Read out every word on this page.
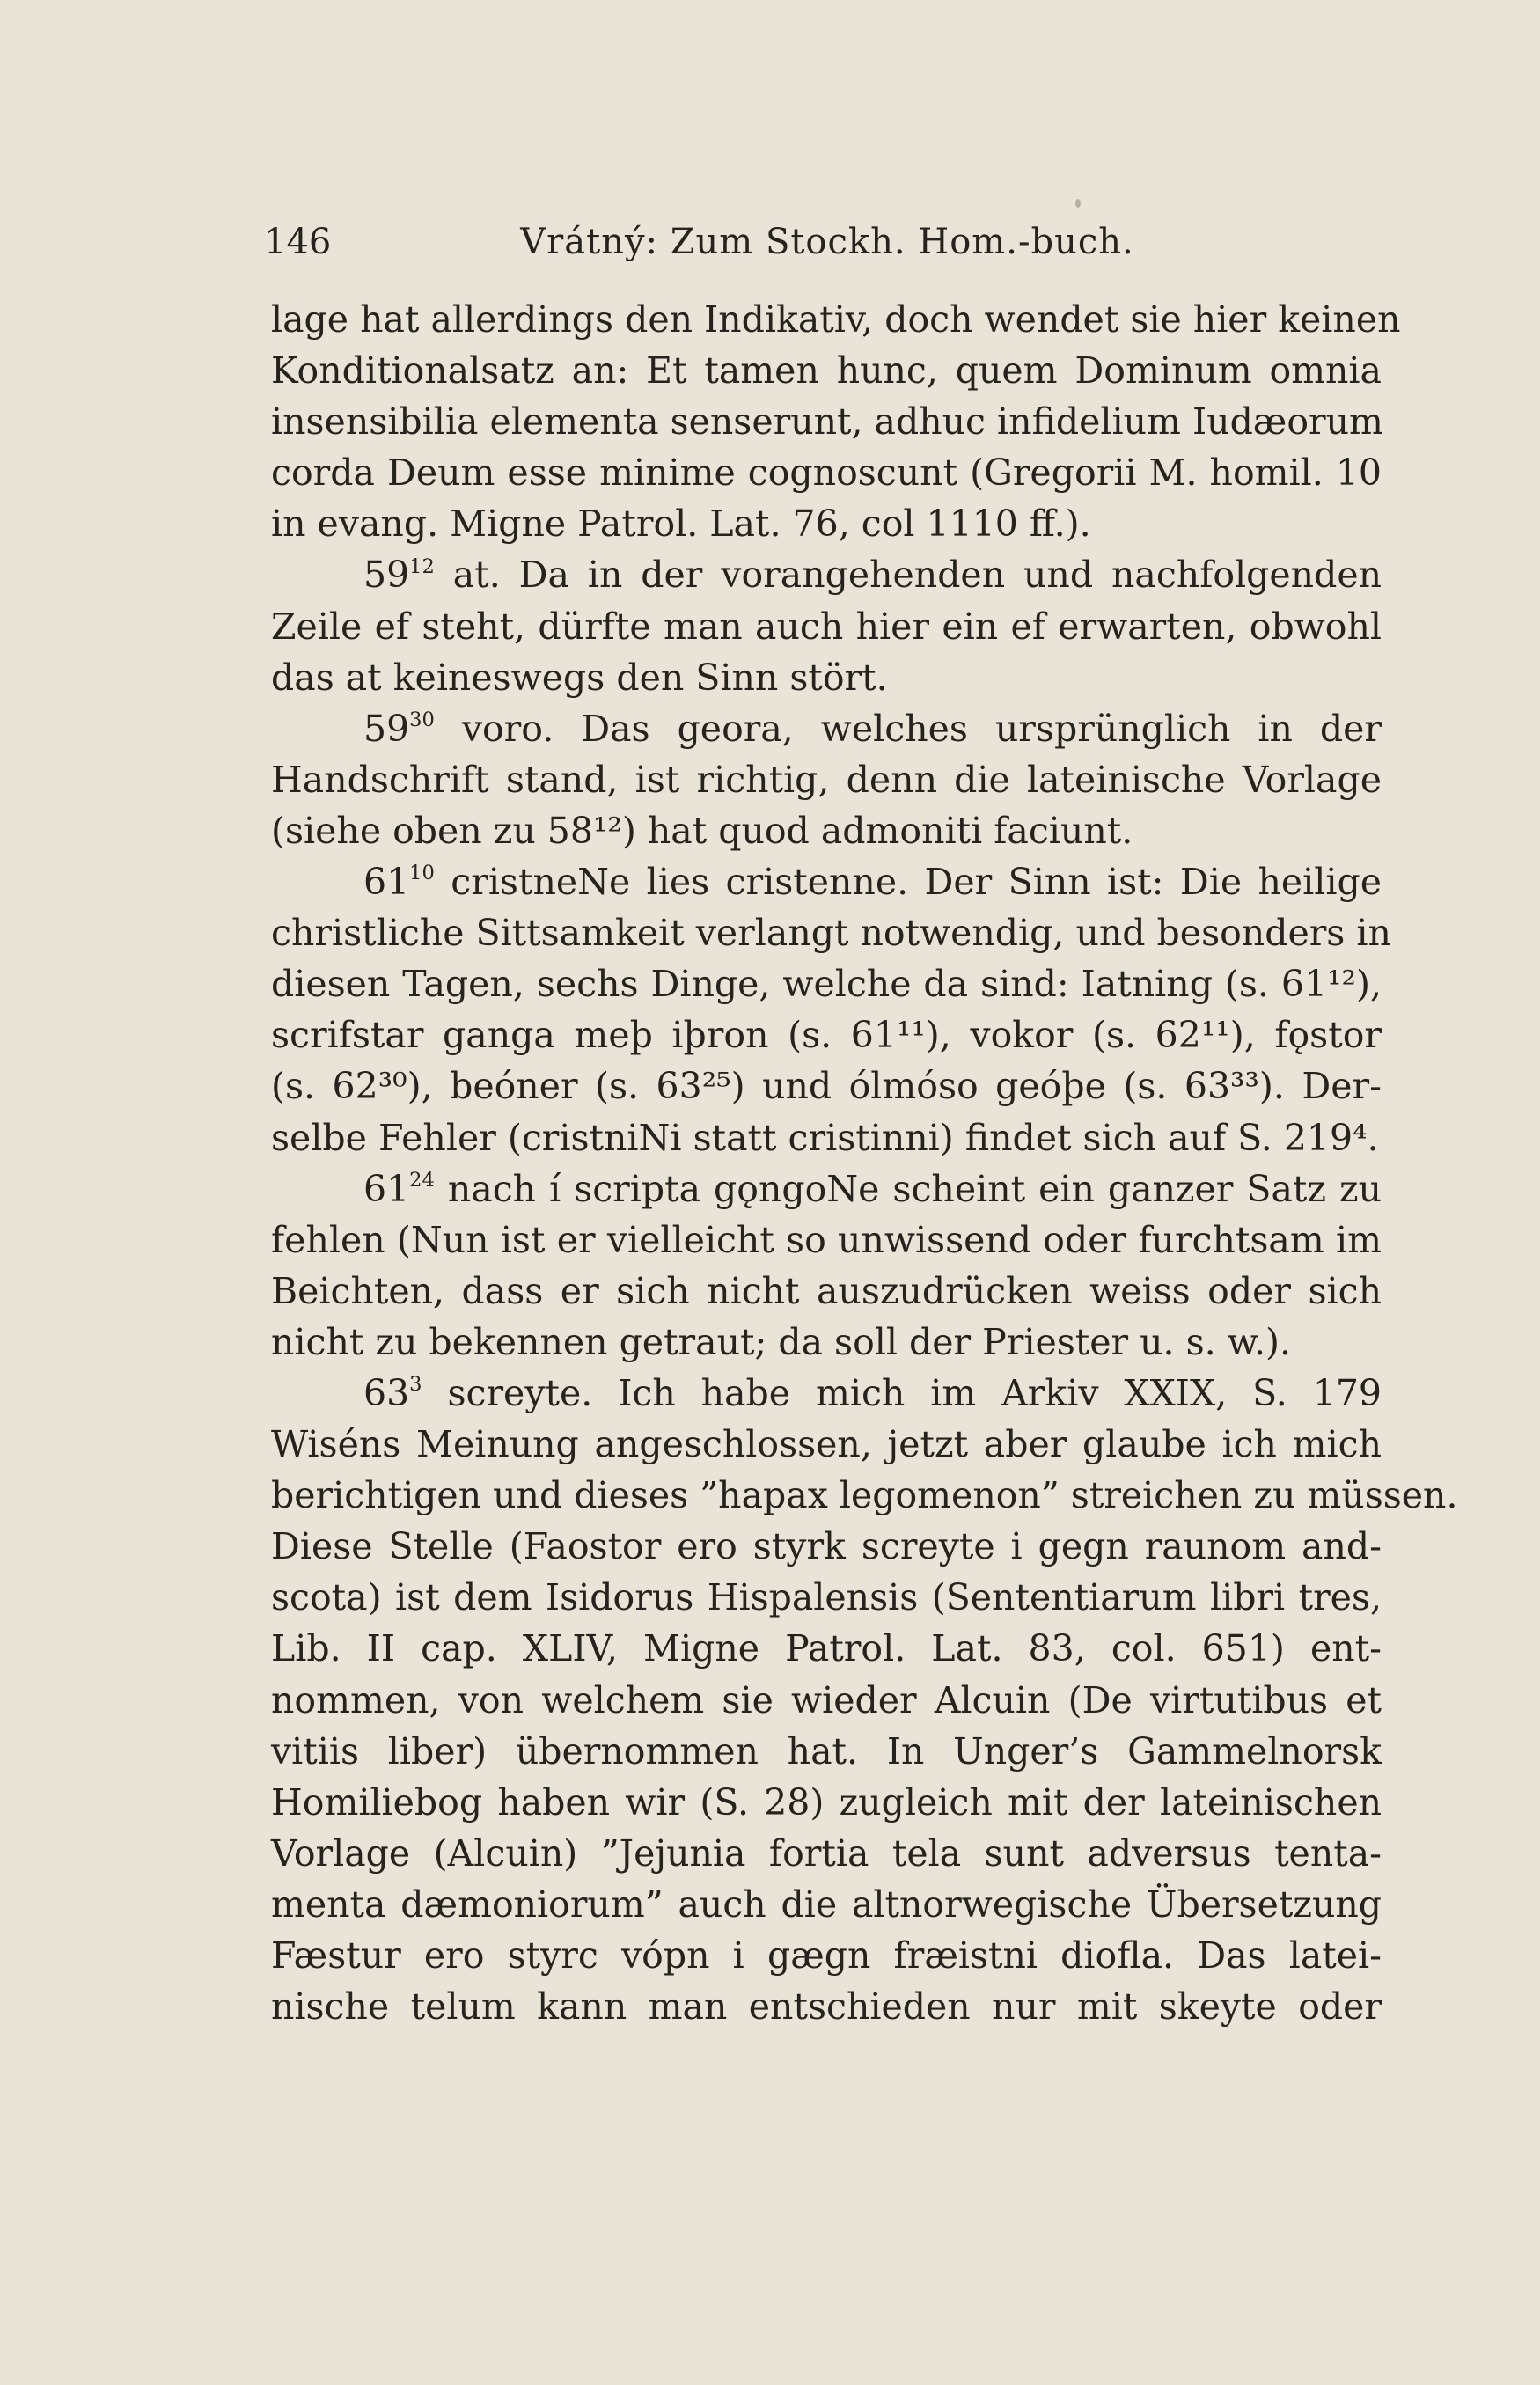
146	Vrátný: Zum Stockh. Hom.-buch.
lage hat allerdings den Indikativ, doch wendet sie hier keinen
Konditionalsatz an: Et tamen hunc, quem Dominum omnia
insensibilia elementa senserunt, adhuc infidelium Iudæorum
corda Deum esse minime cognoscunt (Gregorii M. homil. 10
in evang. Migne Patrol. Lat. 76, col 1110 ff.).
$59^{12}$ at. Da in der vorangehenden und nachfolgenden
Zeile ef steht, dürfte man auch hier ein ef erwarten, obwohl
das at keineswegs den Sinn stört.
$59^{30}$ voro. Das geora, welches ursprünglich in der
Handschrift stand, ist richtig, denn die lateinische Vorlage
(siehe oben zu 58¹²) hat quod admoniti faciunt.
$61^{10}$ cristneNe lies cristenne. Der Sinn ist: Die heilige
christliche Sittsamkeit verlangt notwendig, und besonders in
diesen Tagen, sechs Dinge, welche da sind: Iatning (s. 61¹²),
scrifstar ganga meþ iþron (s. 61¹¹), vokor (s. 62¹¹), fǫstor
(s. 62³⁰), beóner (s. 63²⁵) und ólmóso geóþe (s. 63³³). Der-
selbe Fehler (cristniNi statt cristinni) findet sich auf S. 219⁴.
$61^{24}$ nach í scripta gǫngoNe scheint ein ganzer Satz zu
fehlen (Nun ist er vielleicht so unwissend oder furchtsam im
Beichten, dass er sich nicht auszudrücken weiss oder sich
nicht zu bekennen getraut; da soll der Priester u. s. w.).
$63^3$ screyte. Ich habe mich im Arkiv XXIX, S. 179
Wiséns Meinung angeschlossen, jetzt aber glaube ich mich
berichtigen und dieses ”hapax legomenon” streichen zu müssen.
Diese Stelle (Faostor ero styrk screyte i gegn raunom and-
scota) ist dem Isidorus Hispalensis (Sententiarum libri tres,
Lib. II cap. XLIV, Migne Patrol. Lat. 83, col. 651) ent-
nommen, von welchem sie wieder Alcuin (De virtutibus et
vitiis liber) übernommen hat. In Unger’s Gammelnorsk
Homiliebog haben wir (S. 28) zugleich mit der lateinischen
Vorlage (Alcuin) ”Jejunia fortia tela sunt adversus tenta-
menta dæmoniorum” auch die altnorwegische Übersetzung
Fæstur ero styrc vópn i gægn fræistni diofla. Das latei-
nische telum kann man entschieden nur mit skeyte oder
